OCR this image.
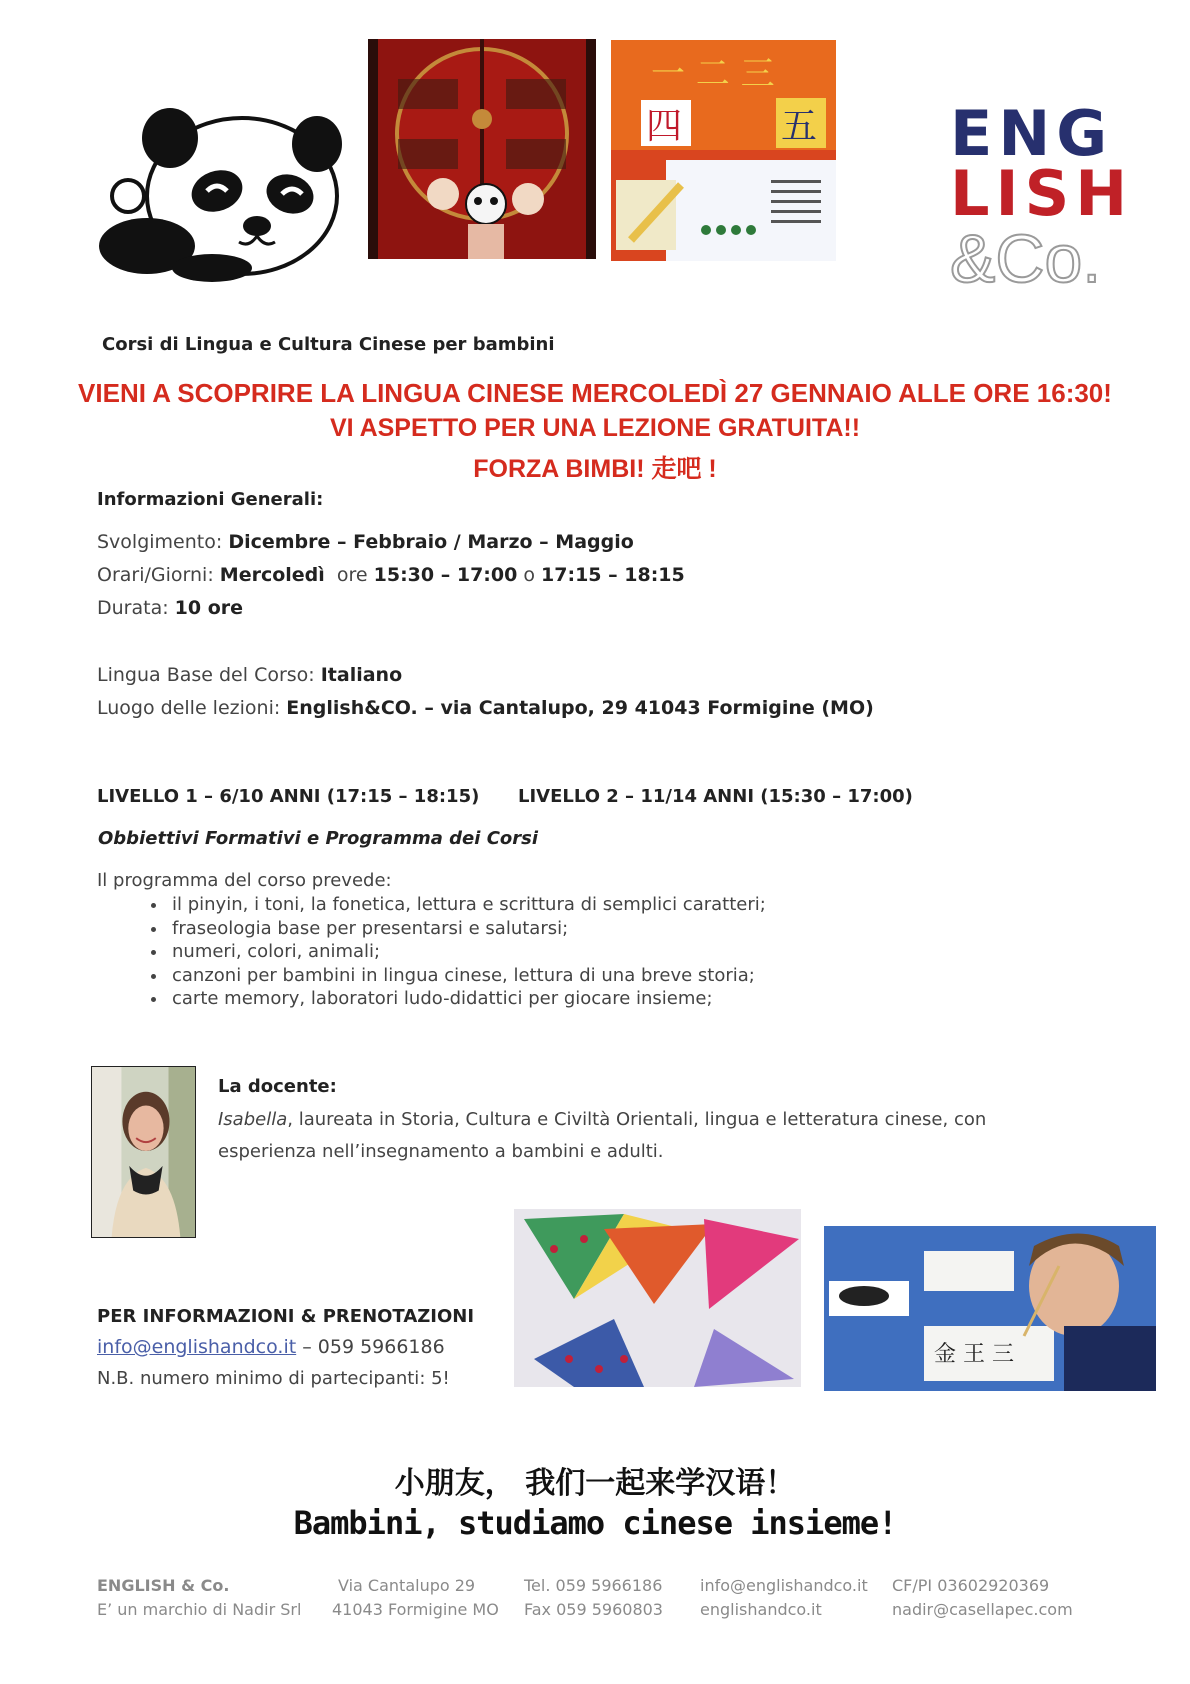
一 二 三
四	五 ENG
LISH
&Co.
Corsi di Lingua e Cultura Cinese per bambini
VIENI A SCOPRIRE LA LINGUA CINESE MERCOLEDÌ 27 GENNAIO ALLE ORE 16:30!
VI ASPETTO PER UNA LEZIONE GRATUITA!!
FORZA BIMBI! 走吧 !
Informazioni Generali:
Svolgimento: Dicembre – Febbraio / Marzo – Maggio
Orari/Giorni: Mercoledì ore 15:30 – 17:00 o 17:15 – 18:15
Durata: 10 ore
Lingua Base del Corso: Italiano
Luogo delle lezioni: English&CO. – via Cantalupo, 29 41043 Formigine (MO)
LIVELLO 1 – 6/10 ANNI (17:15 – 18:15) LIVELLO 2 – 11/14 ANNI (15:30 – 17:00)
Obbiettivi Formativi e Programma dei Corsi
Il programma del corso prevede:
• il pinyin, i toni, la fonetica, lettura e scrittura di semplici caratteri;
• fraseologia base per presentarsi e salutarsi;
• numeri, colori, animali;
• canzoni per bambini in lingua cinese, lettura di una breve storia;
• carte memory, laboratori ludo-didattici per giocare insieme;
La docente:
Isabella, laureata in Storia, Cultura e Civiltà Orientali, lingua e letteratura cinese, con esperienza nell’insegnamento a bambini e adulti.
金 王 三
PER INFORMAZIONI & PRENOTAZIONI
info@englishandco.it – 059 5966186
N.B. numero minimo di partecipanti: 5!
小朋友， 我们一起来学汉语！
Bambini, studiamo cinese insieme!
ENGLISH & Co.
E’ un marchio di Nadir Srl
Via Cantalupo 29
41043 Formigine MO
Tel. 059 5966186
Fax 059 5960803
info@englishandco.it
englishandco.it
CF/PI 03602920369
nadir@casellapec.com
